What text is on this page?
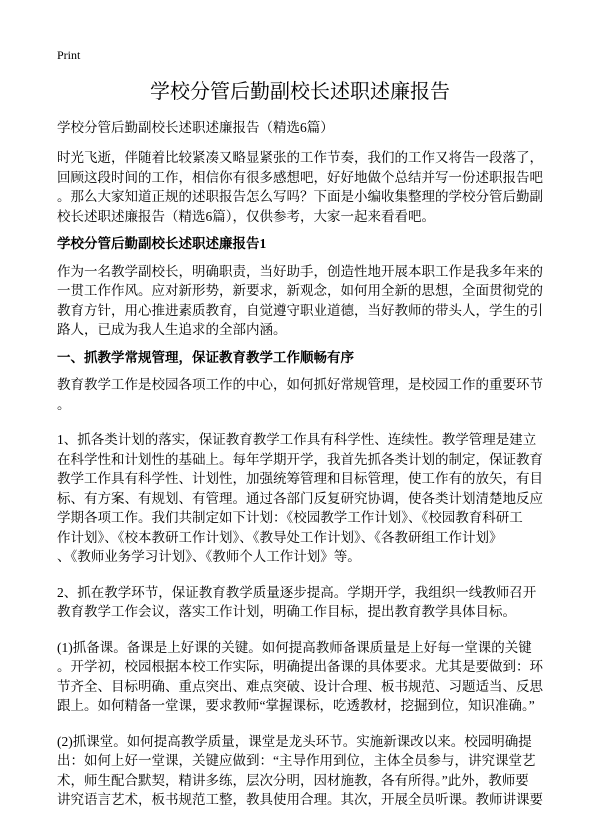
Print
学校分管后勤副校长述职述廉报告
学校分管后勤副校长述职述廉报告（精选6篇）
时光飞逝，伴随着比较紧凑又略显紧张的工作节奏，我们的工作又将告一段落了，
回顾这段时间的工作，相信你有很多感想吧，好好地做个总结并写一份述职报告吧
。那么大家知道正规的述职报告怎么写吗？下面是小编收集整理的学校分管后勤副
校长述职述廉报告（精选6篇），仅供参考，大家一起来看看吧。
学校分管后勤副校长述职述廉报告1
作为一名教学副校长，明确职责，当好助手，创造性地开展本职工作是我多年来的
一贯工作作风。应对新形势，新要求，新观念，如何用全新的思想，全面贯彻党的
教育方针，用心推进素质教育，自觉遵守职业道德，当好教师的带头人，学生的引
路人，已成为我人生追求的全部内涵。
一、抓教学常规管理，保证教育教学工作顺畅有序
教育教学工作是校园各项工作的中心，如何抓好常规管理，是校园工作的重要环节
。
1、抓各类计划的落实，保证教育教学工作具有科学性、连续性。教学管理是建立
在科学性和计划性的基础上。每年学期开学，我首先抓各类计划的制定，保证教育
教学工作具有科学性、计划性，加强统筹管理和目标管理，使工作有的放矢，有目
标、有方案、有规划、有管理。通过各部门反复研究协调，使各类计划清楚地反应
学期各项工作。我们共制定如下计划：《校园教学工作计划》、《校园教育科研工
作计划》、《校本教研工作计划》、《教导处工作计划》、《各教研组工作计划》
、《教师业务学习计划》、《教师个人工作计划》等。
2、抓在教学环节，保证教育教学质量逐步提高。学期开学，我组织一线教师召开
教育教学工作会议，落实工作计划，明确工作目标，提出教育教学具体目标。
(1)抓备课。备课是上好课的关键。如何提高教师备课质量是上好每一堂课的关键
。开学初，校园根据本校工作实际，明确提出备课的具体要求。尤其是要做到：环
节齐全、目标明确、重点突出、难点突破、设计合理、板书规范、习题适当、反思
跟上。如何精备一堂课，要求教师“掌握课标，吃透教材，挖掘到位，知识准确。”
(2)抓课堂。如何提高教学质量，课堂是龙头环节。实施新课改以来。校园明确提
出：如何上好一堂课，关键应做到：“主导作用到位，主体全员参与，讲究课堂艺
术，师生配合默契，精讲多练，层次分明，因材施教，各有所得。”此外，教师要
讲究语言艺术，板书规范工整，教具使用合理。其次，开展全员听课。教师讲课要
